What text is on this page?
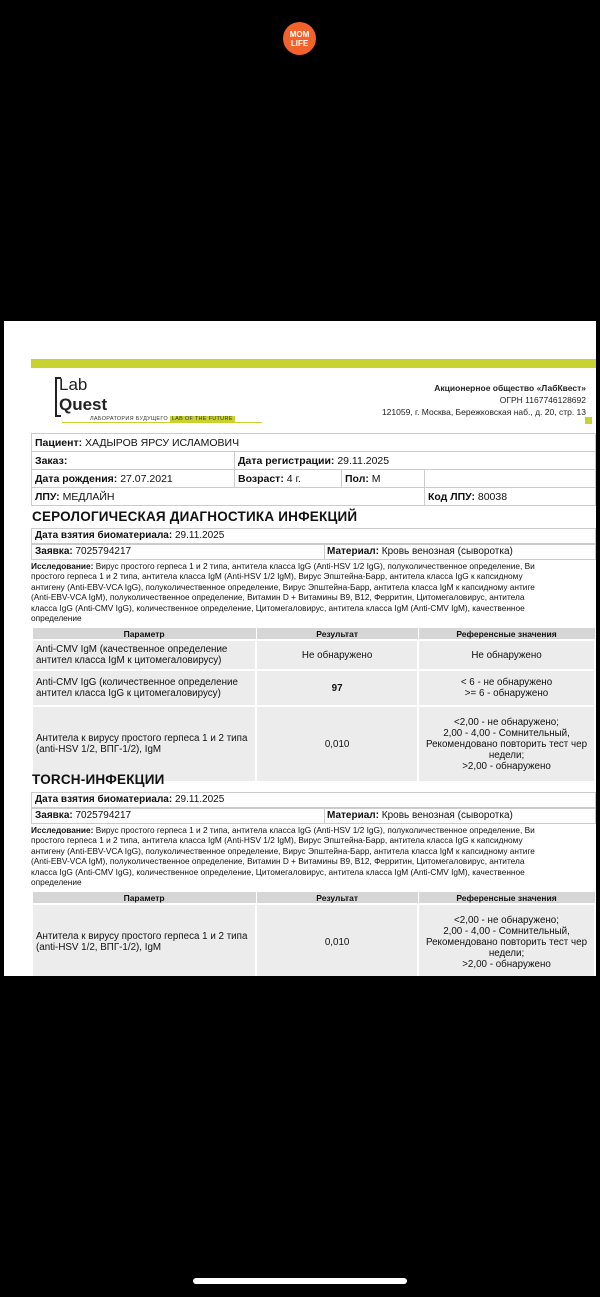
MOM
LIFE
Lab
Quest
ЛАБОРАТОРИЯ БУДУЩЕГО LAB OF THE FUTURE
Акционерное общество «ЛабКвест»
ОГРН 1167746128692
121059, г. Москва, Бережковская наб., д. 20, стр. 13
Пациент: ХАДЫРОВ ЯРСУ ИСЛАМОВИЧ			
Заказ:	Дата регистрации: 29.11.2025		
Дата рождения: 27.07.2021	Возраст: 4 г.	Пол: М	
ЛПУ: МЕДЛАЙН			Код ЛПУ: 80038
СЕРОЛОГИЧЕСКАЯ ДИАГНОСТИКА ИНФЕКЦИЙ
Дата взятия биоматериала: 29.11.2025
Заявка: 7025794217	Материал: Кровь венозная (сыворотка)
Исследование: Вирус простого герпеса 1 и 2 типа, антитела класса IgG (Anti-HSV 1/2 IgG), полуколичественное определение, Ви
простого герпеса 1 и 2 типа, антитела класса IgM (Anti-HSV 1/2 IgM), Вирус Эпштейна-Барр, антитела класса IgG к капсидному
антигену (Anti-EBV-VCA IgG), полуколичественное определение, Вирус Эпштейна-Барр, антитела класса IgM к капсидному антиге
(Anti-EBV-VCA IgM), полуколичественное определение, Витамин D + Витамины B9, B12, Ферритин, Цитомегаловирус, антитела
класса IgG (Anti-CMV IgG), количественное определение, Цитомегаловирус, антитела класса IgM (Anti-CMV IgM), качественное
определение
Параметр	Результат	Референсные значения
Anti-CMV IgM (качественное определение антител класса IgM к цитомегаловирусу)	Не обнаружено	Не обнаружено

Anti-CMV IgG (количественное определение антител класса IgG к цитомегаловирусу)	97	< 6 - не обнаружено
>= 6 - обнаружено

Антитела к вирусу простого герпеса 1 и 2 типа (anti-HSV 1/2, ВПГ-1/2), IgM	0,010	<2,00 - не обнаружено;
2,00 - 4,00 - Сомнительный,
Рекомендовано повторить тест чер
недели;
>2,00 - обнаружено
TORCH-ИНФЕКЦИИ
Дата взятия биоматериала: 29.11.2025
Заявка: 7025794217	Материал: Кровь венозная (сыворотка)
Исследование: Вирус простого герпеса 1 и 2 типа, антитела класса IgG (Anti-HSV 1/2 IgG), полуколичественное определение, Ви
простого герпеса 1 и 2 типа, антитела класса IgM (Anti-HSV 1/2 IgM), Вирус Эпштейна-Барр, антитела класса IgG к капсидному
антигену (Anti-EBV-VCA IgG), полуколичественное определение, Вирус Эпштейна-Барр, антитела класса IgM к капсидному антиге
(Anti-EBV-VCA IgM), полуколичественное определение, Витамин D + Витамины B9, B12, Ферритин, Цитомегаловирус, антитела
класса IgG (Anti-CMV IgG), количественное определение, Цитомегаловирус, антитела класса IgM (Anti-CMV IgM), качественное
определение
Параметр	Результат	Референсные значения
Антитела к вирусу простого герпеса 1 и 2 типа (anti-HSV 1/2, ВПГ-1/2), IgM	0,010	<2,00 - не обнаружено;
2,00 - 4,00 - Сомнительный,
Рекомендовано повторить тест чер
недели;
>2,00 - обнаружено
